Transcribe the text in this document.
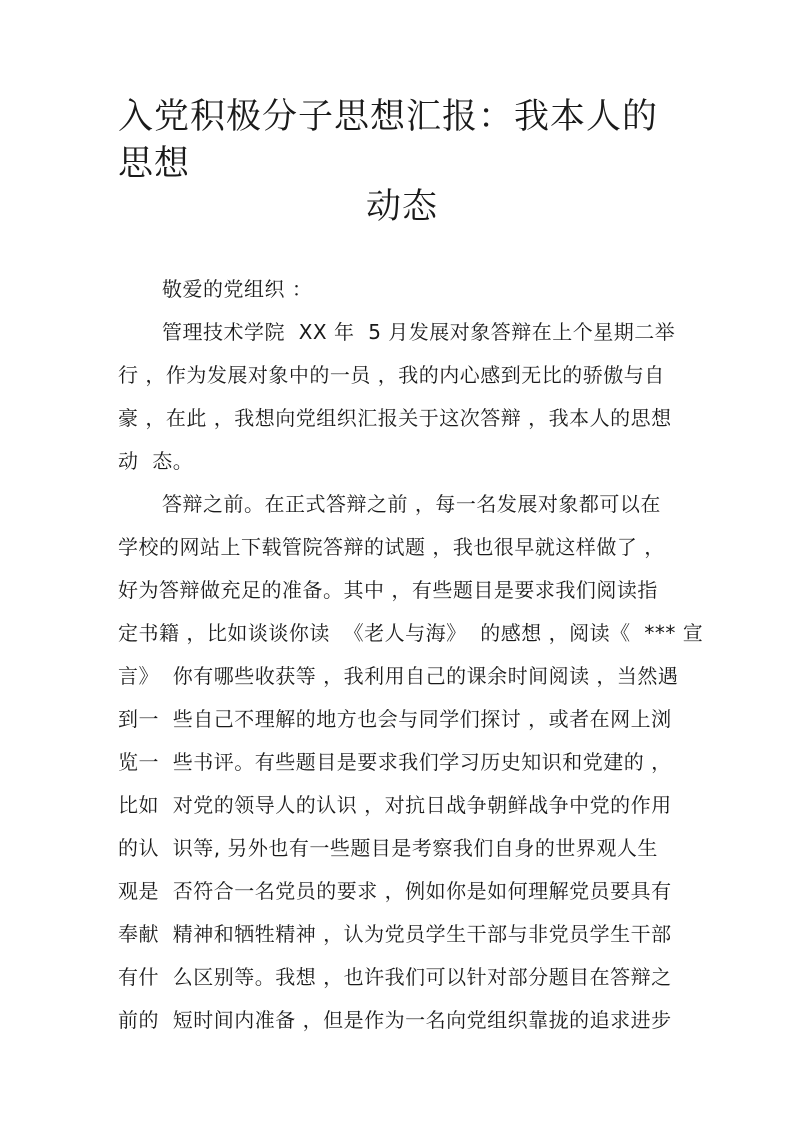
入党积极分子思想汇报：我本人的思想
动态

敬爱的党组织 ：

管理技术学院  XX 年  5 月发展对象答辩在上个星期二举

行 ，作为发展对象中的一员 ，我的内心感到无比的骄傲与自

豪 ，在此 ，我想向党组织汇报关于这次答辩 ，我本人的思想

动  态。

答辩之前。在正式答辩之前 ，每一名发展对象都可以在

学校的网站上下载管院答辩的试题 ，我也很早就这样做了 ，

好为答辩做充足的准备。其中 ，有些题目是要求我们阅读指

定书籍 ，比如谈谈你读  《老人与海》  的感想 ，阅读《  *** 宣

言》  你有哪些收获等 ，我利用自己的课余时间阅读 ，当然遇

到一  些自己不理解的地方也会与同学们探讨 ，或者在网上浏

览一  些书评。有些题目是要求我们学习历史知识和党建的 ，

比如  对党的领导人的认识 ，对抗日战争朝鲜战争中党的作用

的认  识等, 另外也有一些题目是考察我们自身的世界观人生

观是  否符合一名党员的要求 ，例如你是如何理解党员要具有

奉献  精神和牺牲精神 ，认为党员学生干部与非党员学生干部

有什  么区别等。我想 ，也许我们可以针对部分题目在答辩之

前的  短时间内准备 ，但是作为一名向党组织靠拢的追求进步
